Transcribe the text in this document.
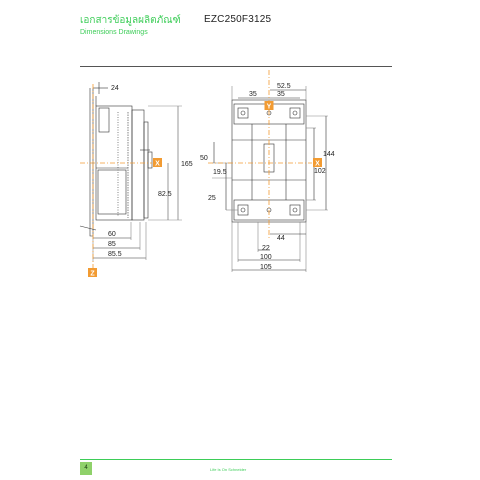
เอกสารข้อมูลผลิตภัณฑ์
Dimensions Drawings
EZC250F3125
X
Z
24
165
82.5
60
85
85.5
X
Y
52.5
35	35
50
19.5
25
144
102
44
22
100
105
4	Life Is On Schneider
